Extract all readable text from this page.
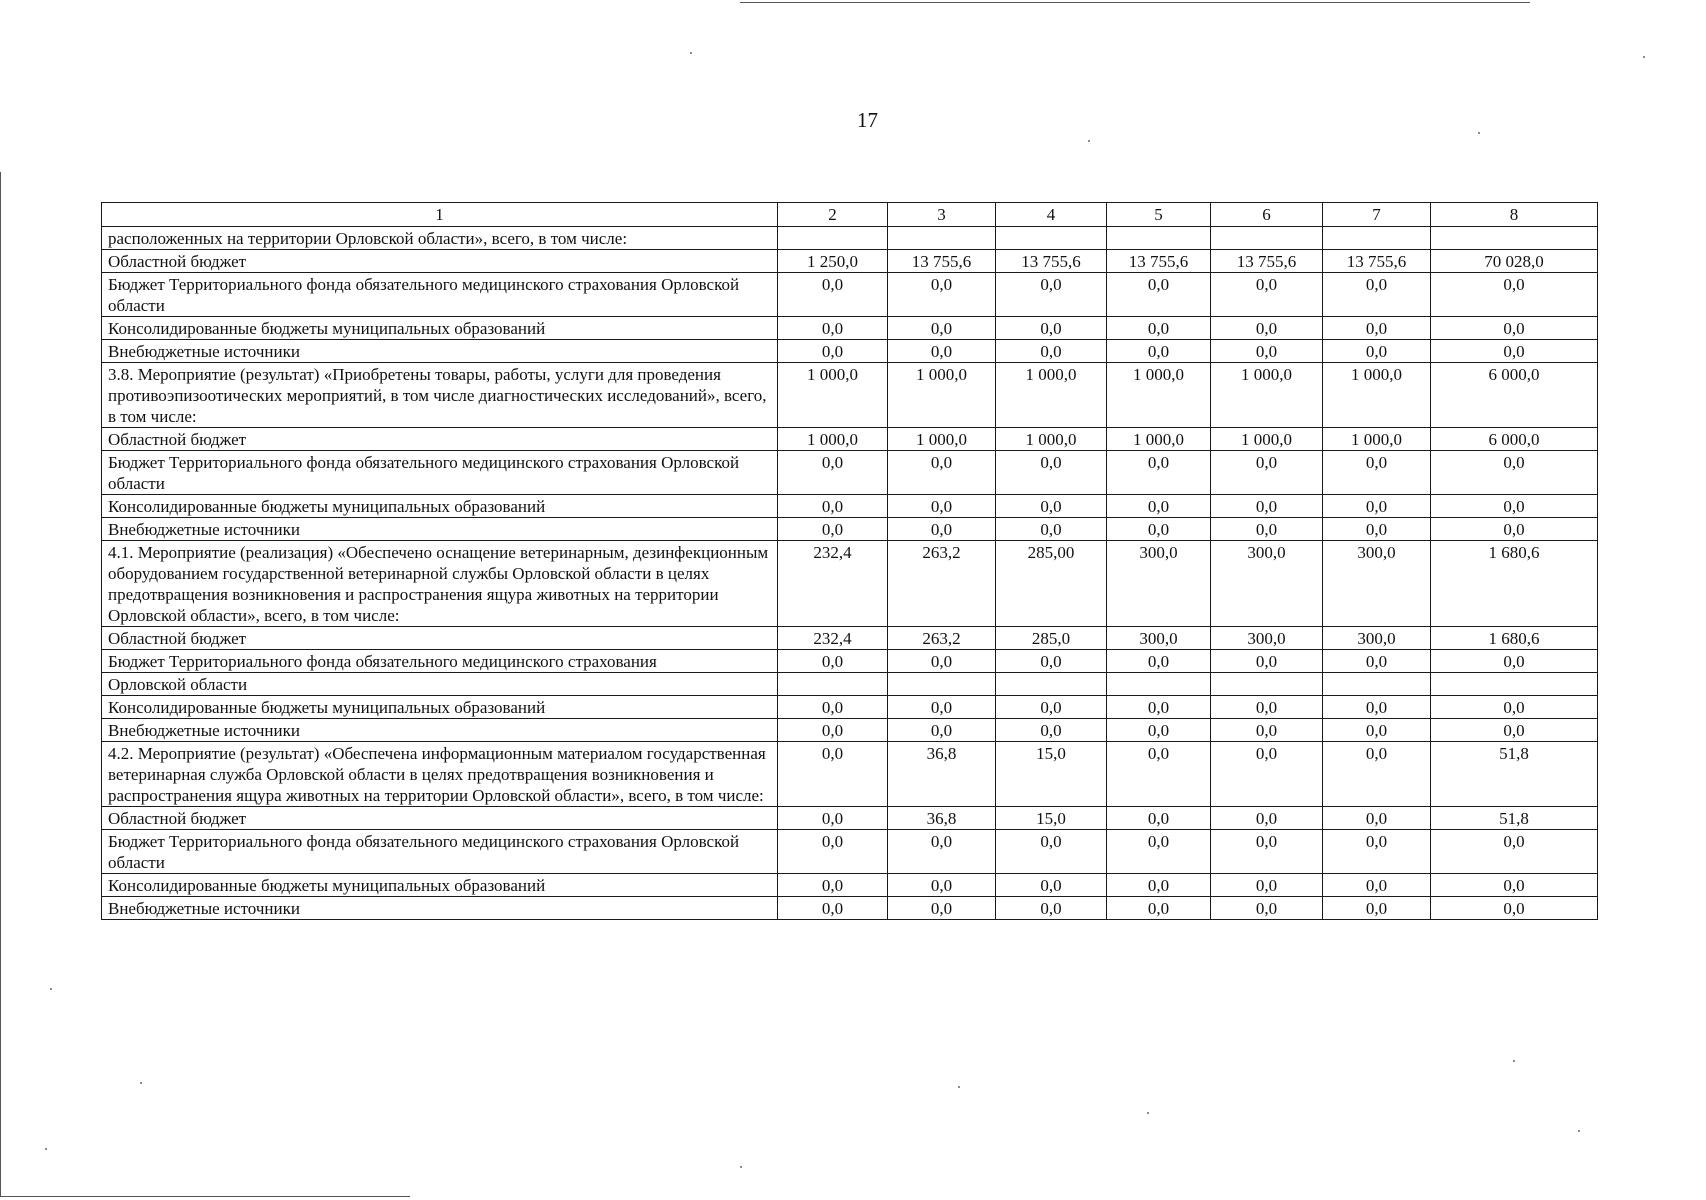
17
1	2	3	4	5	6	7	8
расположенных на территории Орловской области», всего, в том числе:							
Областной бюджет	1 250,0	13 755,6	13 755,6	13 755,6	13 755,6	13 755,6	70 028,0
Бюджет Территориального фонда обязательного медицинского страхования Орловской области	0,0	0,0	0,0	0,0	0,0	0,0	0,0
Консолидированные бюджеты муниципальных образований	0,0	0,0	0,0	0,0	0,0	0,0	0,0
Внебюджетные источники	0,0	0,0	0,0	0,0	0,0	0,0	0,0
3.8. Мероприятие (результат) «Приобретены товары, работы, услуги для проведения противоэпизоотических мероприятий, в том числе диагностических исследований», всего, в том числе:	1 000,0	1 000,0	1 000,0	1 000,0	1 000,0	1 000,0	6 000,0
Областной бюджет	1 000,0	1 000,0	1 000,0	1 000,0	1 000,0	1 000,0	6 000,0
Бюджет Территориального фонда обязательного медицинского страхования Орловской области	0,0	0,0	0,0	0,0	0,0	0,0	0,0
Консолидированные бюджеты муниципальных образований	0,0	0,0	0,0	0,0	0,0	0,0	0,0
Внебюджетные источники	0,0	0,0	0,0	0,0	0,0	0,0	0,0
4.1. Мероприятие (реализация) «Обеспечено оснащение ветеринарным, дезинфекционным оборудованием государственной ветеринарной службы Орловской области в целях предотвращения возникновения и распространения ящура животных на территории Орловской области», всего, в том числе:	232,4	263,2	285,00	300,0	300,0	300,0	1 680,6
Областной бюджет	232,4	263,2	285,0	300,0	300,0	300,0	1 680,6
Бюджет Территориального фонда обязательного медицинского страхования	0,0	0,0	0,0	0,0	0,0	0,0	0,0
Орловской области							
Консолидированные бюджеты муниципальных образований	0,0	0,0	0,0	0,0	0,0	0,0	0,0
Внебюджетные источники	0,0	0,0	0,0	0,0	0,0	0,0	0,0
4.2. Мероприятие (результат) «Обеспечена информационным материалом государственная ветеринарная служба Орловской области в целях предотвращения возникновения и распространения ящура животных на территории Орловской области», всего, в том числе:	0,0	36,8	15,0	0,0	0,0	0,0	51,8
Областной бюджет	0,0	36,8	15,0	0,0	0,0	0,0	51,8
Бюджет Территориального фонда обязательного медицинского страхования Орловской области	0,0	0,0	0,0	0,0	0,0	0,0	0,0
Консолидированные бюджеты муниципальных образований	0,0	0,0	0,0	0,0	0,0	0,0	0,0
Внебюджетные источники	0,0	0,0	0,0	0,0	0,0	0,0	0,0
